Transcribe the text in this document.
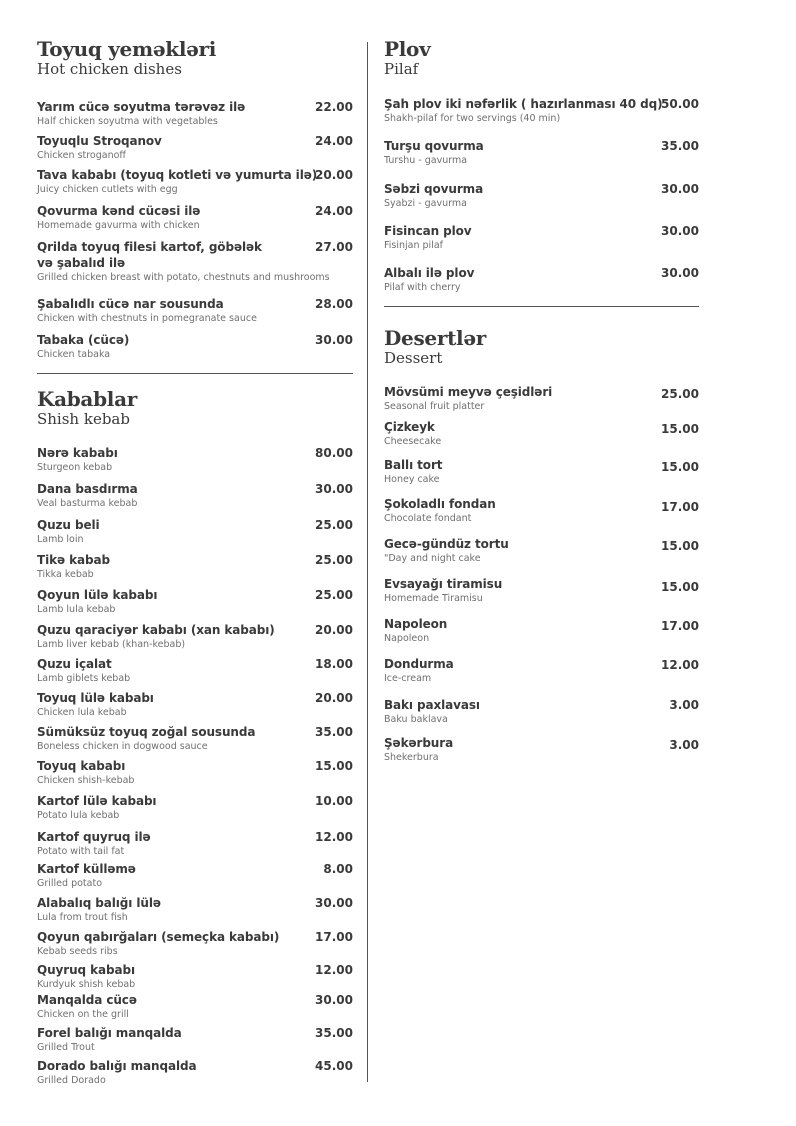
Toyuq yeməkləri
Hot chicken dishes
Yarım cücə soyutma tərəvəz ilə
Half chicken soyutma with vegetables
22.00
Toyuqlu Stroqanov
Chicken stroganoff
24.00
Tava kababı (toyuq kotleti və yumurta ilə)
Juicy chicken cutlets with egg
20.00
Qovurma kənd cücəsi ilə
Homemade gavurma with chicken
24.00
Qrilda toyuq filesi kartof, göbələk və şabalıd ilə
Grilled chicken breast with potato, chestnuts and mushrooms
27.00
Şabalıdlı cücə nar sousunda
Chicken with chestnuts in pomegranate sauce
28.00
Tabaka (cücə)
Chicken tabaka
30.00
Kabablar
Shish kebab
Nərə kababı
Sturgeon kebab
80.00
Dana basdırma
Veal basturma kebab
30.00
Quzu beli
Lamb loin
25.00
Tikə kabab
Tikka kebab
25.00
Qoyun lülə kababı
Lamb lula kebab
25.00
Quzu qaraciyər kababı (xan kababı)
Lamb liver kebab (khan-kebab)
20.00
Quzu içalat
Lamb giblets kebab
18.00
Toyuq lülə kababı
Chicken lula kebab
20.00
Sümüksüz toyuq zoğal sousunda
Boneless chicken in dogwood sauce
35.00
Toyuq kababı
Chicken shish-kebab
15.00
Kartof lülə kababı
Potato lula kebab
10.00
Kartof quyruq ilə
Potato with tail fat
12.00
Kartof külləmə
Grilled potato
8.00
Alabalıq balığı lülə
Lula from trout fish
30.00
Qoyun qabırğaları (semeçka kababı)
Kebab seeds ribs
17.00
Quyruq kababı
Kurdyuk shish kebab
12.00
Manqalda cücə
Chicken on the grill
30.00
Forel balığı manqalda
Grilled Trout
35.00
Dorado balığı manqalda
Grilled Dorado
45.00
Plov
Pilaf
Şah plov iki nəfərlik ( hazırlanması 40 dq)
Shakh-pilaf for two servings (40 min)
50.00
Turşu qovurma
Turshu - gavurma
35.00
Səbzi qovurma
Syabzi - gavurma
30.00
Fisincan plov
Fisinjan pilaf
30.00
Albalı ilə plov
Pilaf with cherry
30.00
Desertlər
Dessert
Mövsümi meyvə çeşidləri
Seasonal fruit platter
25.00
Çizkeyk
Cheesecake
15.00
Ballı tort
Honey cake
15.00
Şokoladlı fondan
Chocolate fondant
17.00
Gecə-gündüz tortu
"Day and night cake
15.00
Evsayağı tiramisu
Homemade Tiramisu
15.00
Napoleon
Napoleon
17.00
Dondurma
Ice-cream
12.00
Bakı paxlavası
Baku baklava
3.00
Şəkərbura
Shekerbura
3.00
